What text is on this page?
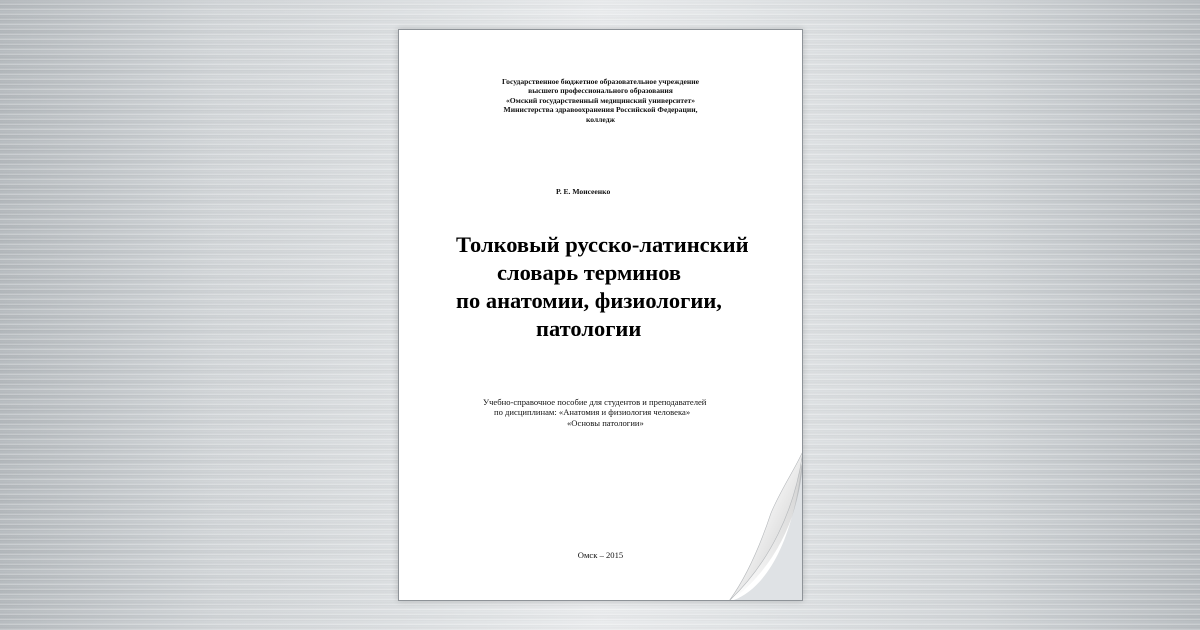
Государственное бюджетное образовательное учреждение
высшего профессионального образования
«Омский государственный медицинский университет»
Министерства здравоохранения Российской Федерации,
колледж
Р. Е. Моисеенко
Толковый русско-латинский
словарь терминов
по анатомии, физиологии,
патологии
Учебно-справочное пособие для студентов и преподавателей
по дисциплинам: «Анатомия и физиология человека»
«Основы патологии»
Омск – 2015
